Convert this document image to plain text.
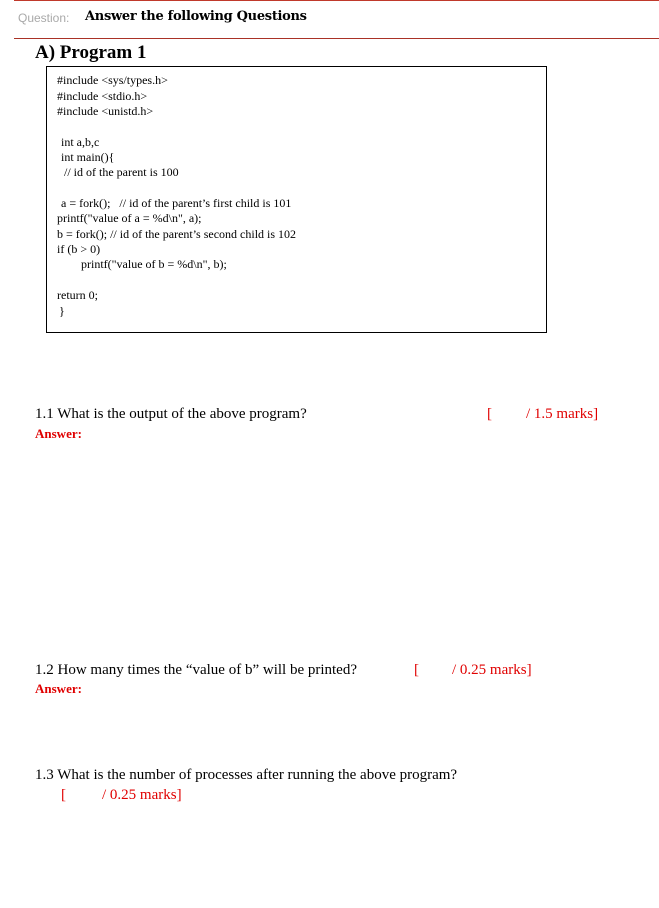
Question: Answer the following Questions
A) Program 1
#include <sys/types.h>
#include <stdio.h>
#include <unistd.h>
int a,b,c
int main(){
// id of the parent is 100
a = fork();   // id of the parent’s first child is 101
printf("value of a = %d\n", a);
b = fork(); // id of the parent’s second child is 102
if (b > 0)
printf("value of b = %d\n", b);
return 0;
}
1.1 What is the output of the above program?	[ / 1.5 marks]
Answer:
1.2 How many times the “value of b” will be printed?	[ / 0.25 marks]
Answer:
1.3 What is the number of processes after running the above program?
[ / 0.25 marks]
